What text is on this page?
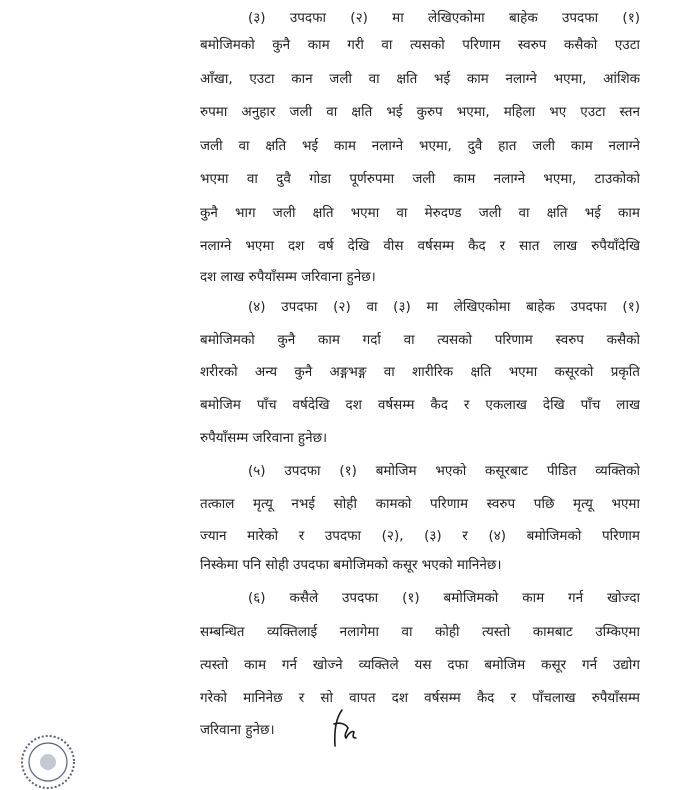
(३) उपदफा (२) मा लेखिएकोमा बाहेक उपदफा (१)
बमोजिमको कुनै काम गरी वा त्यसको परिणाम स्वरुप कसैको एउटा
आँखा, एउटा कान जली वा क्षति भई काम नलाग्ने भएमा, आंशिक
रुपमा अनुहार जली वा क्षति भई कुरुप भएमा, महिला भए एउटा स्तन
जली वा क्षति भई काम नलाग्ने भएमा, दुवै हात जली काम नलाग्ने
भएमा वा दुवै गोडा पूर्णरुपमा जली काम नलाग्ने भएमा, टाउकोको
कुनै भाग जली क्षति भएमा वा मेरुदण्ड जली वा क्षति भई काम
नलाग्ने भएमा दश वर्ष देखि वीस वर्षसम्म कैद र सात लाख रुपैयाँदेखि
दश लाख रुपैयाँसम्म जरिवाना हुनेछ।
(४) उपदफा (२) वा (३) मा लेखिएकोमा बाहेक उपदफा (१)
बमोजिमको कुनै काम गर्दा वा त्यसको परिणाम स्वरुप कसैको
शरीरको अन्य कुनै अङ्गभङ्ग वा शारीरिक क्षति भएमा कसूरको प्रकृति
बमोजिम पाँच वर्षदेखि दश वर्षसम्म कैद र एकलाख देखि पाँच लाख
रुपैयाँसम्म जरिवाना हुनेछ।
(५) उपदफा (१) बमोजिम भएको कसूरबाट पीडित व्यक्तिको
तत्काल मृत्यू नभई सोही कामको परिणाम स्वरुप पछि मृत्यू भएमा
ज्यान मारेको र उपदफा (२), (३) र (४) बमोजिमको परिणाम
निस्केमा पनि सोही उपदफा बमोजिमको कसूर भएको मानिनेछ।
(६) कसैले उपदफा (१) बमोजिमको काम गर्न खोज्दा
सम्बन्धित व्यक्तिलाई नलागेमा वा कोही त्यस्तो कामबाट उम्किएमा
त्यस्तो काम गर्न खोज्ने व्यक्तिले यस दफा बमोजिम कसूर गर्न उद्योग
गरेको मानिनेछ र सो वापत दश वर्षसम्म कैद र पाँचलाख रुपैयाँसम्म
जरिवाना हुनेछ।
